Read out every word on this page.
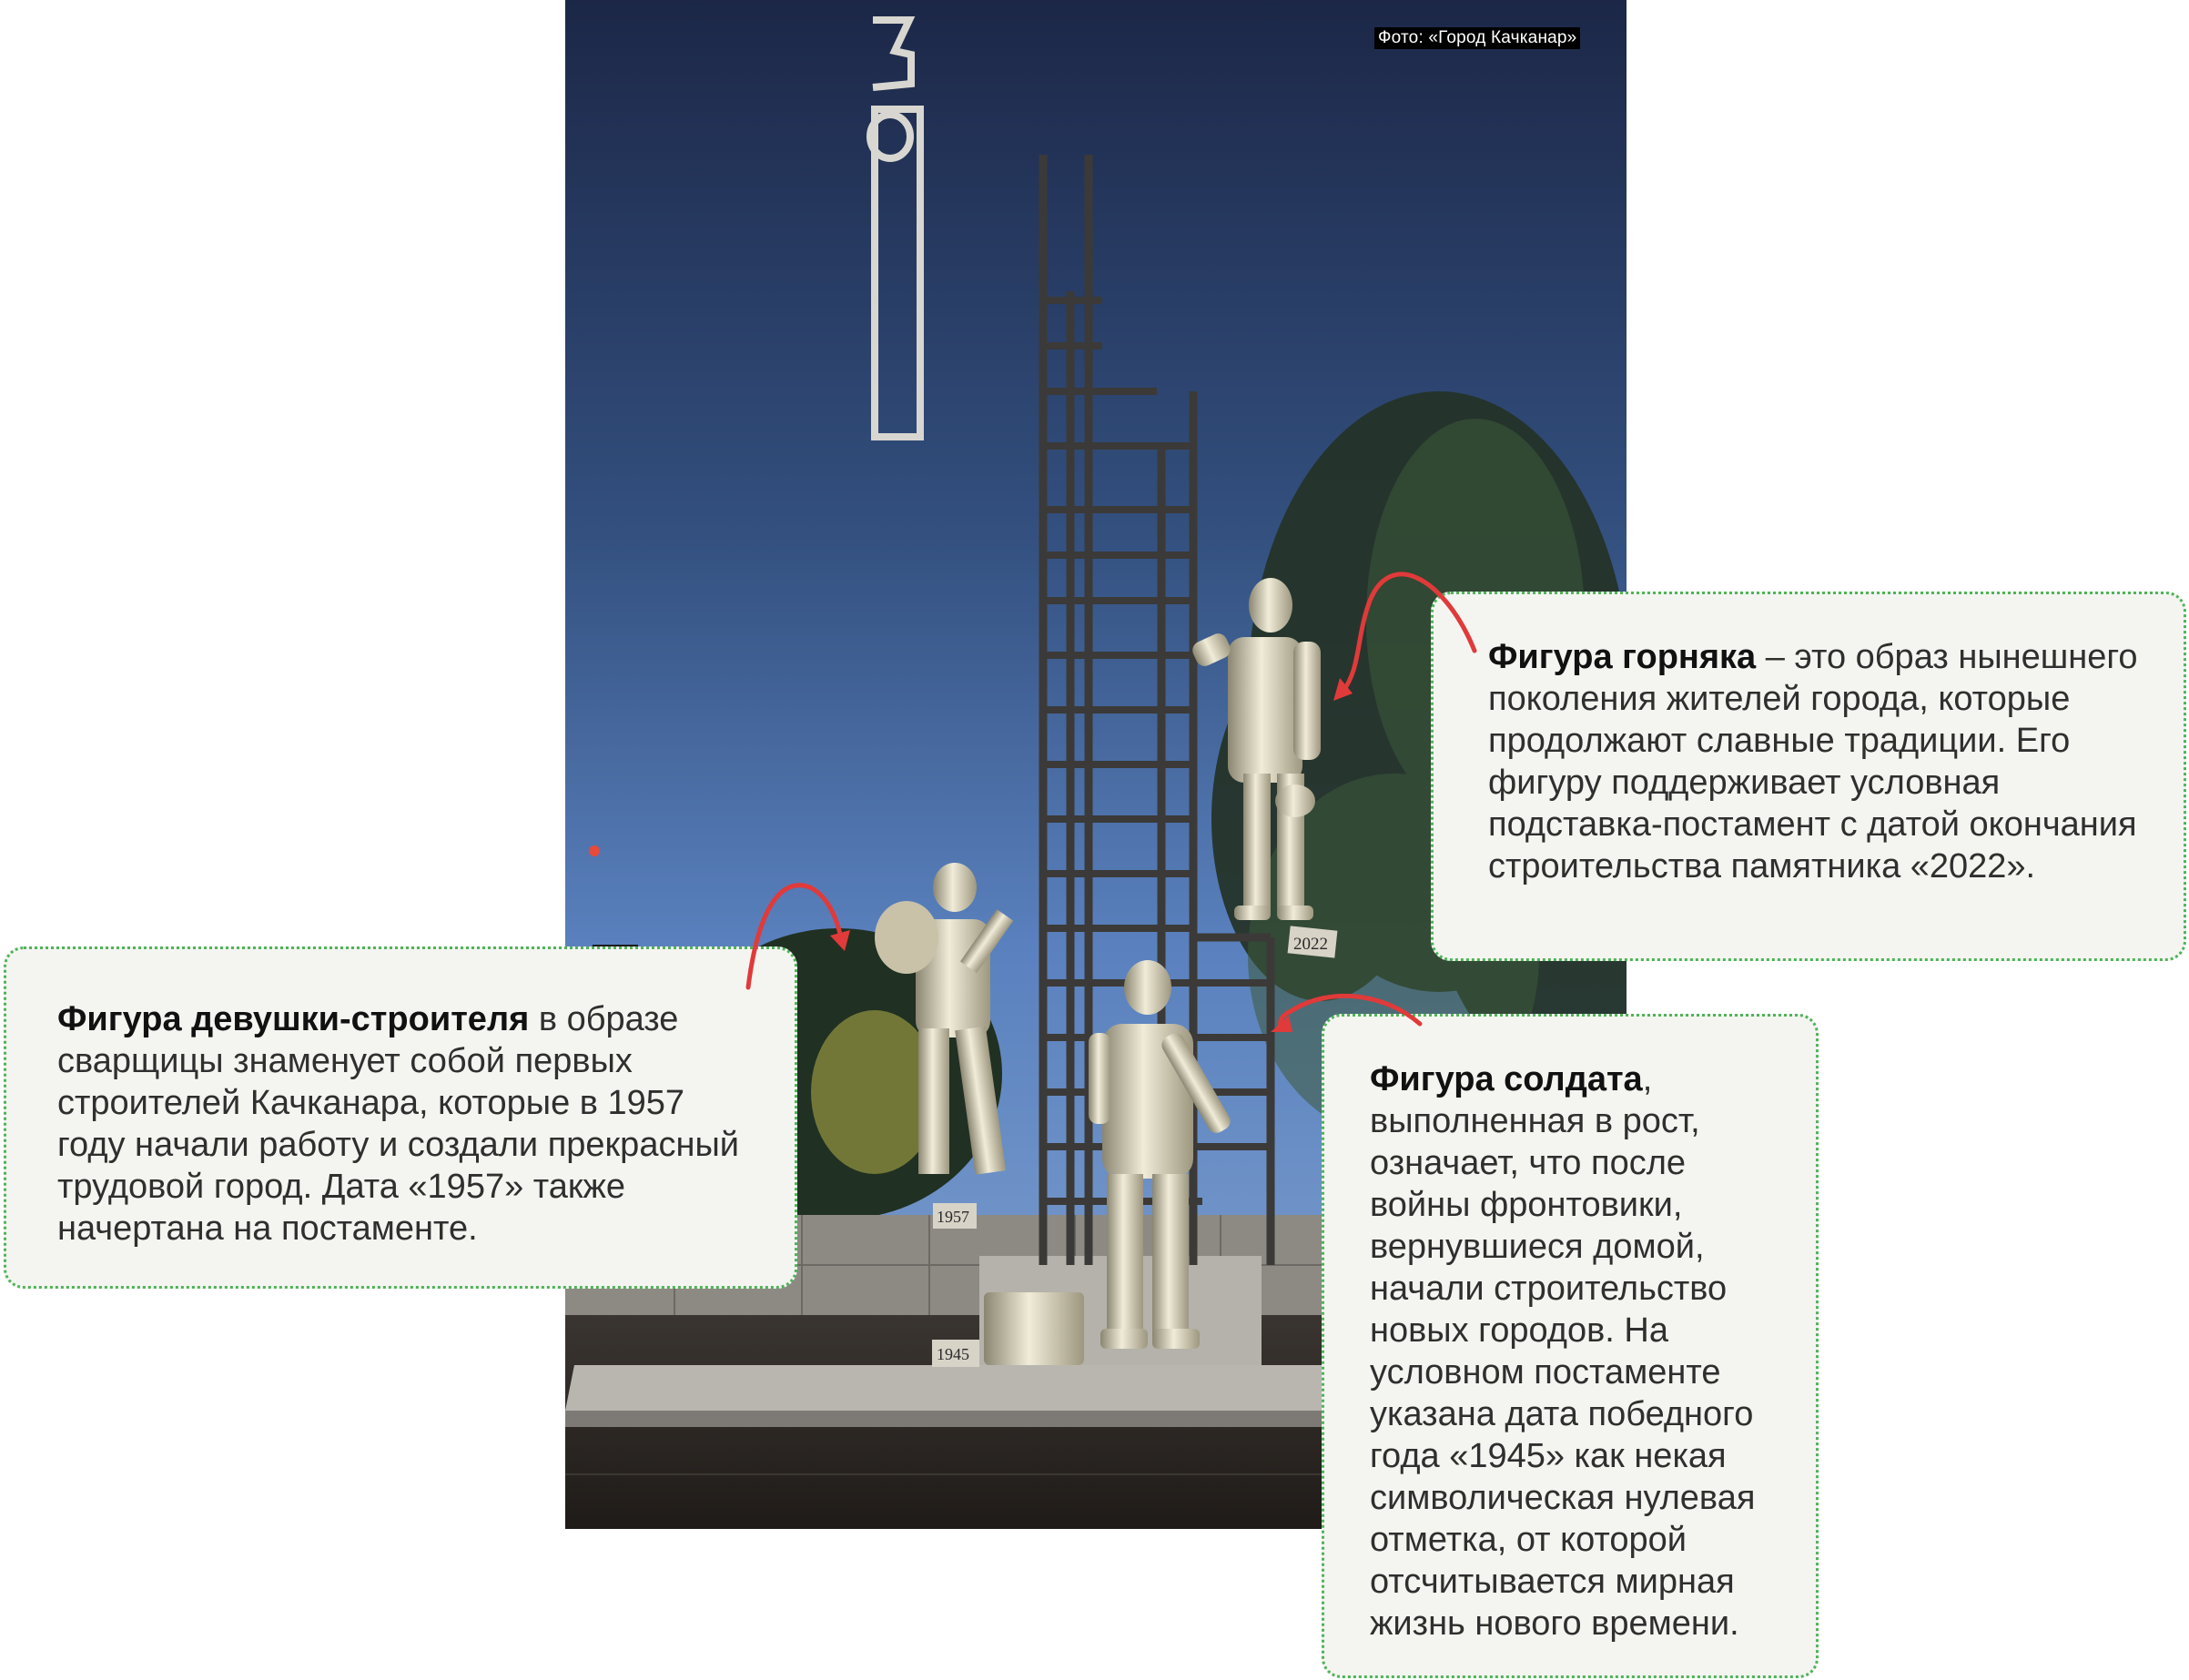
2022
1957
1945
Фото: «Город Качканар»
Фигура горняка – это образ нынешнего поколения жителей города, которые продолжают славные традиции. Его фигуру поддерживает условная подставка-постамент с датой окончания строительства памятника «2022».
Фигура девушки-строителя в образе сварщицы знаменует собой первых строителей Качканара, которые в 1957 году начали работу и создали прекрасный трудовой город. Дата «1957» также начертана на постаменте.
Фигура солдата, выполненная в рост, означает, что после войны фронтовики, вернувшиеся домой, начали строительство новых городов. На условном постаменте указана дата победного года «1945» как некая символическая нулевая отметка, от которой отсчитывается мирная жизнь нового времени.
